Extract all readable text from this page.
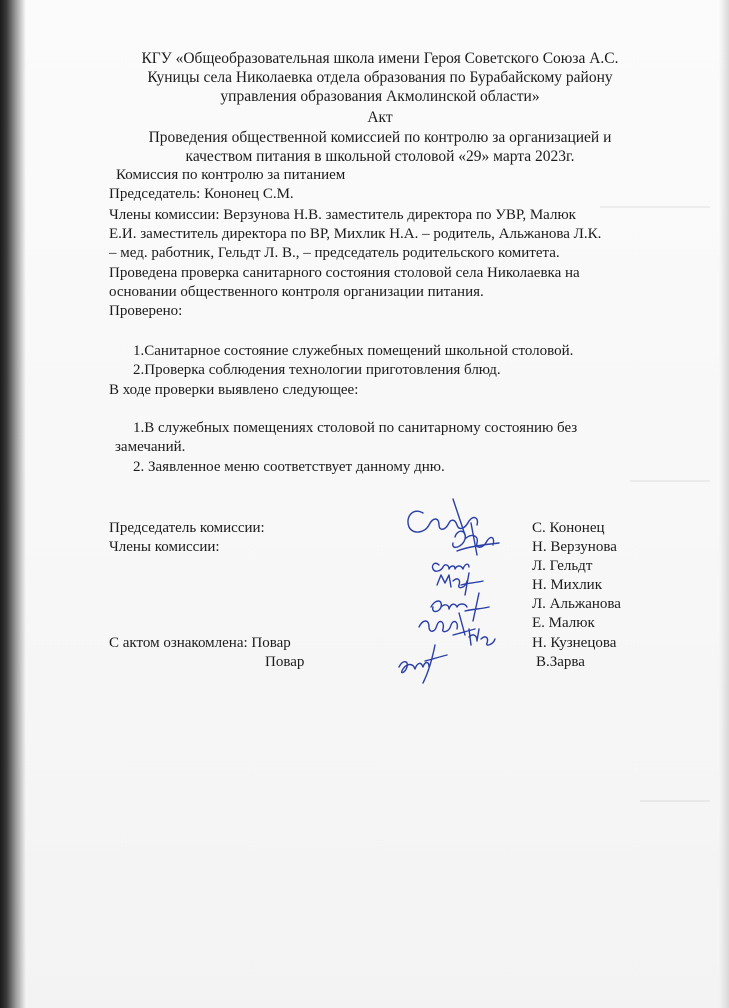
КГУ «Общеобразовательная школа имени Героя Советского Союза А.С.
Куницы села Николаевка отдела образования по Бурабайскому району
управления образования Акмолинской области»
Акт
Проведения общественной комиссией по контролю за организацией и
качеством питания в школьной столовой «29» марта 2023г.
Комиссия по контролю за питанием
Председатель: Кононец С.М.
Члены комиссии: Верзунова Н.В. заместитель директора по УВР, Малюк
Е.И. заместитель директора по ВР, Михлик Н.А. – родитель, Альжанова Л.К.
– мед. работник, Гельдт Л. В., – председатель родительского комитета.
Проведена проверка санитарного состояния столовой села Николаевка на
основании общественного контроля организации питания.
Проверено:
1.Санитарное состояние служебных помещений школьной столовой.
2.Проверка соблюдения технологии приготовления блюд.
В ходе проверки выявлено следующее:
1.В служебных помещениях столовой по санитарному состоянию без
замечаний.
2. Заявленное меню соответствует данному дню.
Председатель комиссии:
Члены комиссии:
С актом ознакомлена: Повар
Повар
С. Кононец
Н. Верзунова
Л. Гельдт
Н. Михлик
Л. Альжанова
Е. Малюк
Н. Кузнецова
В.Зарва
